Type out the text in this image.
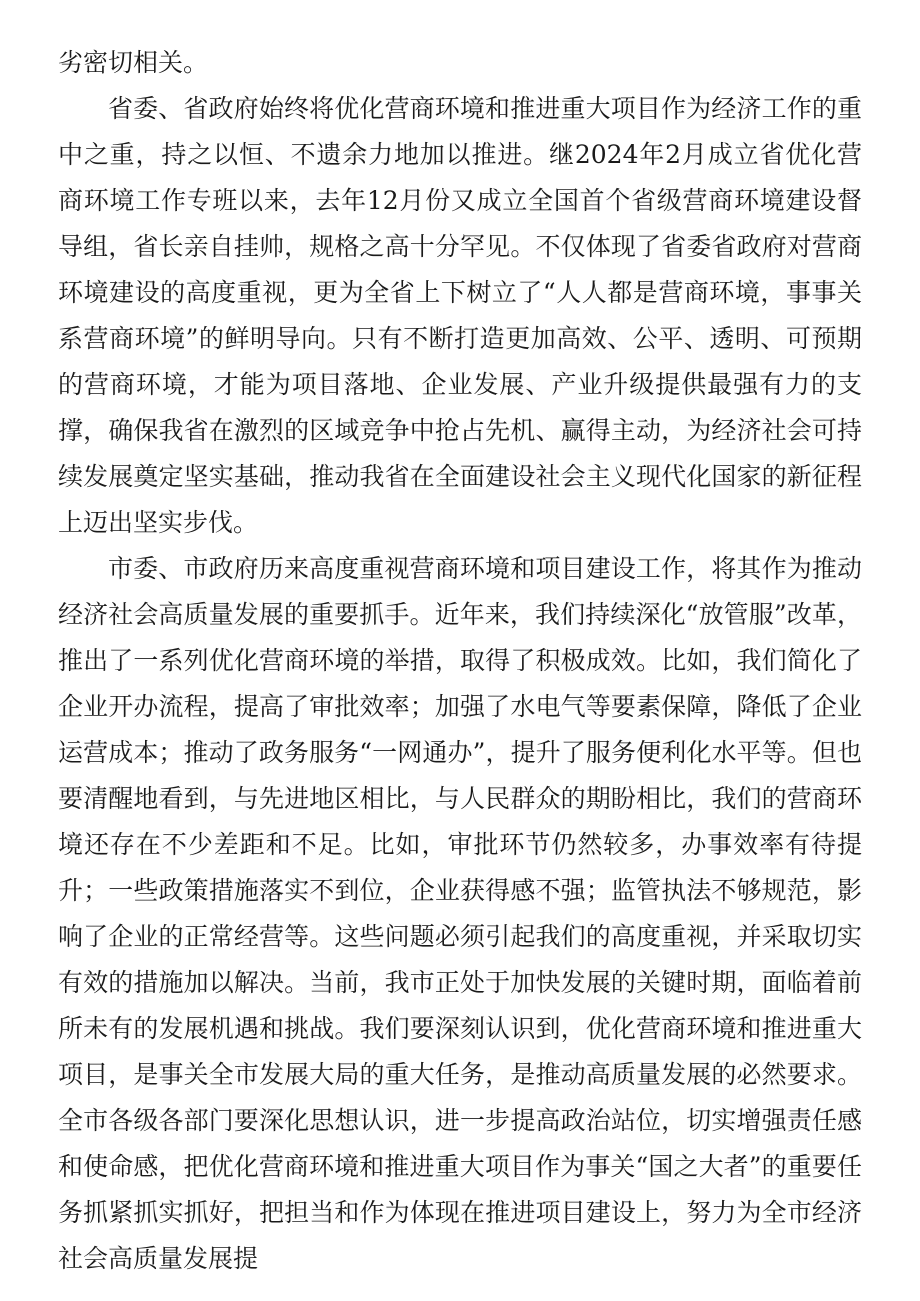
劣密切相关。

省委、省政府始终将优化营商环境和推进重大项目作为经济工作的重中之重，持之以恒、不遗余力地加以推进。继2024年2月成立省优化营商环境工作专班以来，去年12月份又成立全国首个省级营商环境建设督导组，省长亲自挂帅，规格之高十分罕见。不仅体现了省委省政府对营商环境建设的高度重视，更为全省上下树立了“人人都是营商环境，事事关系营商环境”的鲜明导向。只有不断打造更加高效、公平、透明、可预期的营商环境，才能为项目落地、企业发展、产业升级提供最强有力的支撑，确保我省在激烈的区域竞争中抢占先机、赢得主动，为经济社会可持续发展奠定坚实基础，推动我省在全面建设社会主义现代化国家的新征程上迈出坚实步伐。

市委、市政府历来高度重视营商环境和项目建设工作，将其作为推动经济社会高质量发展的重要抓手。近年来，我们持续深化“放管服”改革，推出了一系列优化营商环境的举措，取得了积极成效。比如，我们简化了企业开办流程，提高了审批效率；加强了水电气等要素保障，降低了企业运营成本；推动了政务服务“一网通办”，提升了服务便利化水平等。但也要清醒地看到，与先进地区相比，与人民群众的期盼相比，我们的营商环境还存在不少差距和不足。比如，审批环节仍然较多，办事效率有待提升；一些政策措施落实不到位，企业获得感不强；监管执法不够规范，影响了企业的正常经营等。这些问题必须引起我们的高度重视，并采取切实有效的措施加以解决。当前，我市正处于加快发展的关键时期，面临着前所未有的发展机遇和挑战。我们要深刻认识到，优化营商环境和推进重大项目，是事关全市发展大局的重大任务，是推动高质量发展的必然要求。全市各级各部门要深化思想认识，进一步提高政治站位，切实增强责任感和使命感，把优化营商环境和推进重大项目作为事关“国之大者”的重要任务抓紧抓实抓好，把担当和作为体现在推进项目建设上，努力为全市经济社会高质量发展提
